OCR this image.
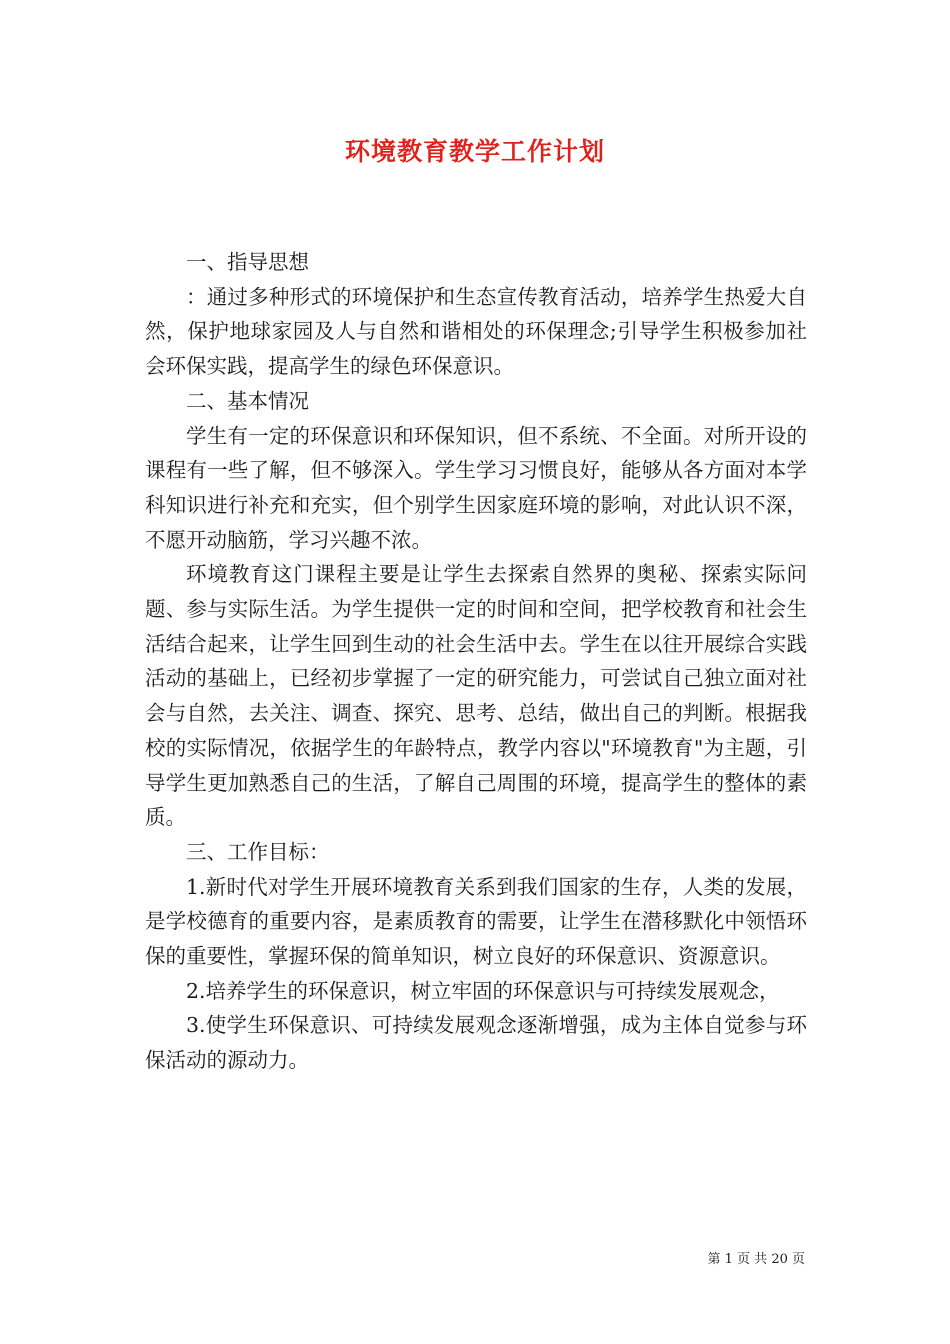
环境教育教学工作计划

一、指导思想

：通过多种形式的环境保护和生态宣传教育活动，培养学生热爱大自然，保护地球家园及人与自然和谐相处的环保理念;引导学生积极参加社会环保实践，提高学生的绿色环保意识。

二、基本情况

学生有一定的环保意识和环保知识，但不系统、不全面。对所开设的课程有一些了解，但不够深入。学生学习习惯良好，能够从各方面对本学科知识进行补充和充实，但个别学生因家庭环境的影响，对此认识不深，不愿开动脑筋，学习兴趣不浓。

环境教育这门课程主要是让学生去探索自然界的奥秘、探索实际问题、参与实际生活。为学生提供一定的时间和空间，把学校教育和社会生活结合起来，让学生回到生动的社会生活中去。学生在以往开展综合实践活动的基础上，已经初步掌握了一定的研究能力，可尝试自己独立面对社会与自然，去关注、调查、探究、思考、总结，做出自己的判断。根据我校的实际情况，依据学生的年龄特点，教学内容以"环境教育"为主题，引导学生更加熟悉自己的生活，了解自己周围的环境，提高学生的整体的素质。

三、工作目标：

1.新时代对学生开展环境教育关系到我们国家的生存，人类的发展，是学校德育的重要内容，是素质教育的需要，让学生在潜移默化中领悟环保的重要性，掌握环保的简单知识，树立良好的环保意识、资源意识。

2.培养学生的环保意识，树立牢固的环保意识与可持续发展观念，

3.使学生环保意识、可持续发展观念逐渐增强，成为主体自觉参与环保活动的源动力。

第 1 页 共 20 页
